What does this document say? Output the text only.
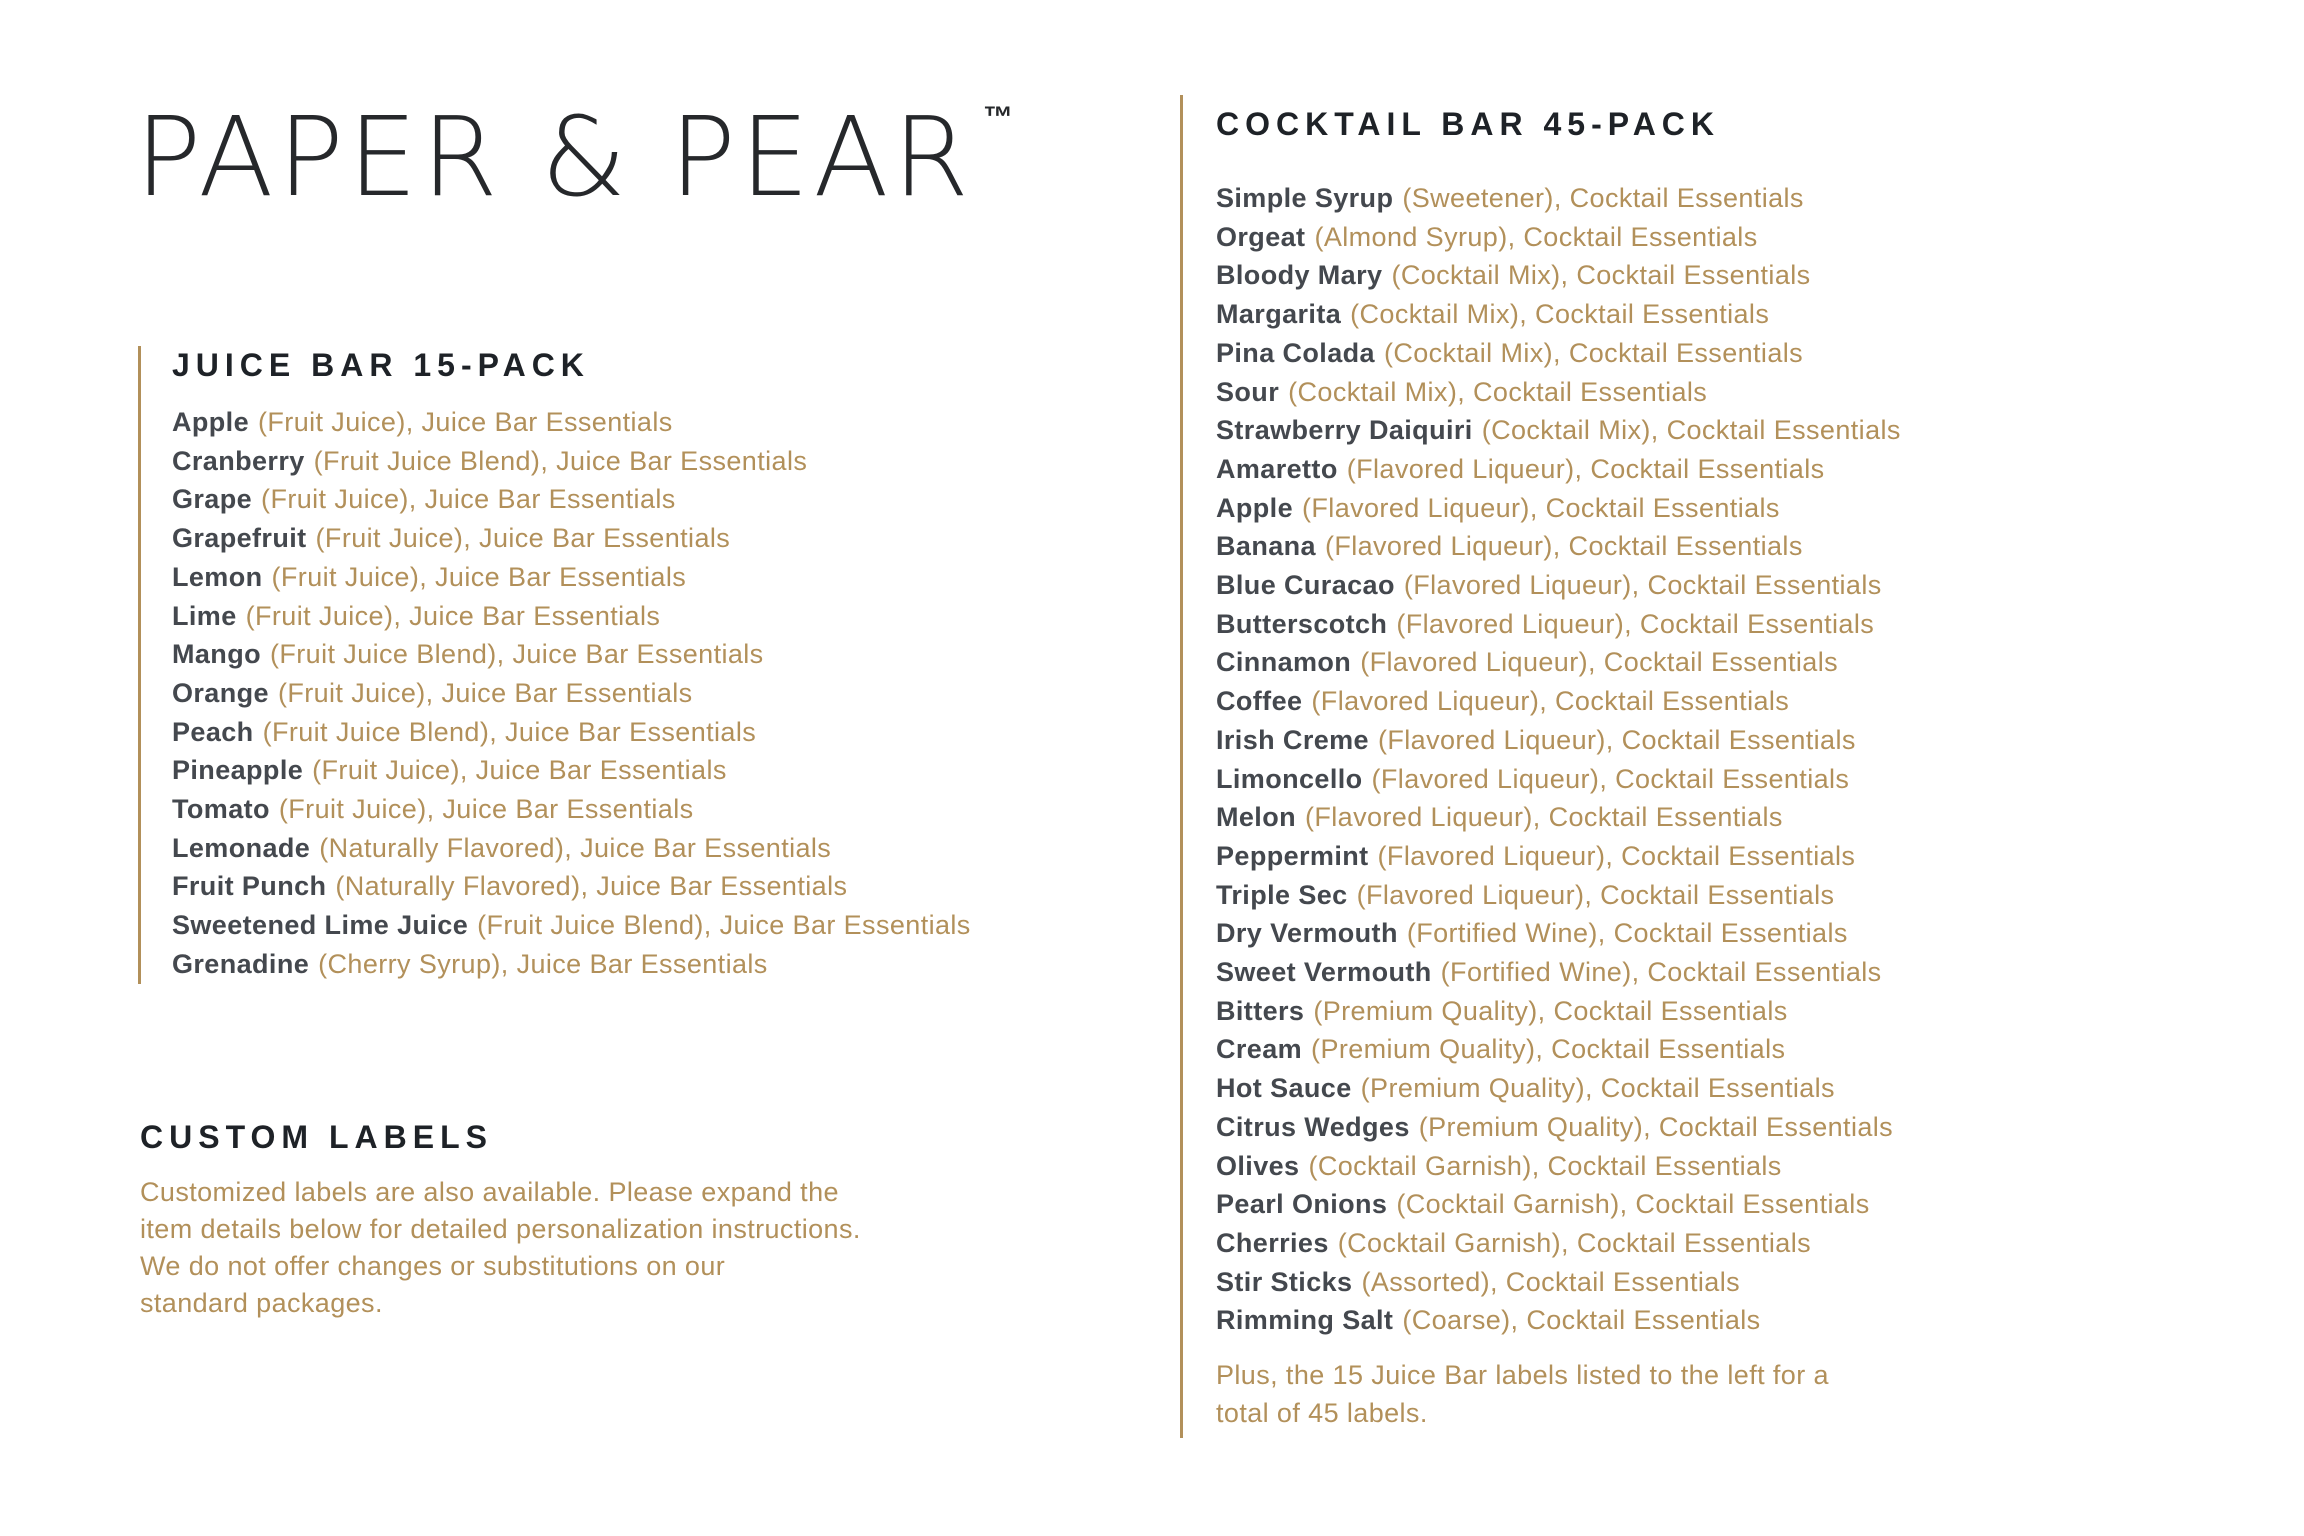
PAPER & PEAR ™
JUICE BAR 15-PACK
Apple (Fruit Juice), Juice Bar Essentials
Cranberry (Fruit Juice Blend), Juice Bar Essentials
Grape (Fruit Juice), Juice Bar Essentials
Grapefruit (Fruit Juice), Juice Bar Essentials
Lemon (Fruit Juice), Juice Bar Essentials
Lime (Fruit Juice), Juice Bar Essentials
Mango (Fruit Juice Blend), Juice Bar Essentials
Orange (Fruit Juice), Juice Bar Essentials
Peach (Fruit Juice Blend), Juice Bar Essentials
Pineapple (Fruit Juice), Juice Bar Essentials
Tomato (Fruit Juice), Juice Bar Essentials
Lemonade (Naturally Flavored), Juice Bar Essentials
Fruit Punch (Naturally Flavored), Juice Bar Essentials
Sweetened Lime Juice (Fruit Juice Blend), Juice Bar Essentials
Grenadine (Cherry Syrup), Juice Bar Essentials
CUSTOM LABELS
Customized labels are also available. Please expand the
item details below for detailed personalization instructions.
We do not offer changes or substitutions on our
standard packages.
COCKTAIL BAR 45-PACK
Simple Syrup (Sweetener), Cocktail Essentials
Orgeat (Almond Syrup), Cocktail Essentials
Bloody Mary (Cocktail Mix), Cocktail Essentials
Margarita (Cocktail Mix), Cocktail Essentials
Pina Colada (Cocktail Mix), Cocktail Essentials
Sour (Cocktail Mix), Cocktail Essentials
Strawberry Daiquiri (Cocktail Mix), Cocktail Essentials
Amaretto (Flavored Liqueur), Cocktail Essentials
Apple (Flavored Liqueur), Cocktail Essentials
Banana (Flavored Liqueur), Cocktail Essentials
Blue Curacao (Flavored Liqueur), Cocktail Essentials
Butterscotch (Flavored Liqueur), Cocktail Essentials
Cinnamon (Flavored Liqueur), Cocktail Essentials
Coffee (Flavored Liqueur), Cocktail Essentials
Irish Creme (Flavored Liqueur), Cocktail Essentials
Limoncello (Flavored Liqueur), Cocktail Essentials
Melon (Flavored Liqueur), Cocktail Essentials
Peppermint (Flavored Liqueur), Cocktail Essentials
Triple Sec (Flavored Liqueur), Cocktail Essentials
Dry Vermouth (Fortified Wine), Cocktail Essentials
Sweet Vermouth (Fortified Wine), Cocktail Essentials
Bitters (Premium Quality), Cocktail Essentials
Cream (Premium Quality), Cocktail Essentials
Hot Sauce (Premium Quality), Cocktail Essentials
Citrus Wedges (Premium Quality), Cocktail Essentials
Olives (Cocktail Garnish), Cocktail Essentials
Pearl Onions (Cocktail Garnish), Cocktail Essentials
Cherries (Cocktail Garnish), Cocktail Essentials
Stir Sticks (Assorted), Cocktail Essentials
Rimming Salt (Coarse), Cocktail Essentials
Plus, the 15 Juice Bar labels listed to the left for a
total of 45 labels.
